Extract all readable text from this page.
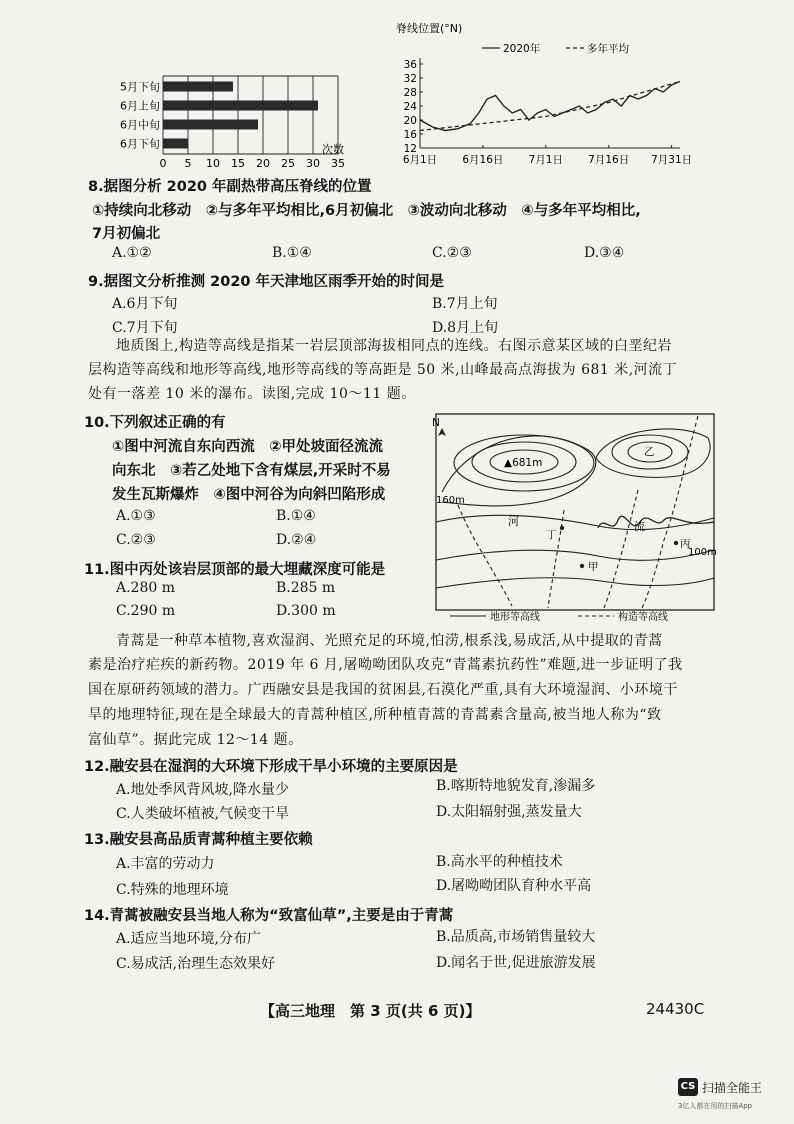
0 5 10 15 20 25 30 35
5月下旬
6月上旬
6月中旬
6月下旬	次数
脊线位置(°N)
2020年	多年平均
36
32
28
24
20
16
12
6月1日 6月16日 7月1日 7月16日 7月31日
8.据图分析 2020 年副热带高压脊线的位置
①持续向北移动　②与多年平均相比,6月初偏北　③波动向北移动　④与多年平均相比,
7月初偏北
A.①②	B.①④	C.②③	D.③④
9.据图文分析推测 2020 年天津地区雨季开始的时间是
A.6月下旬	B.7月上旬
C.7月下旬	D.8月上旬
地质图上,构造等高线是指某一岩层顶部海拔相同点的连线。右图示意某区域的白垩纪岩
层构造等高线和地形等高线,地形等高线的等高距是 50 米,山峰最高点海拔为 681 米,河流丁
处有一落差 10 米的瀑布。读图,完成 10～11 题。
10.下列叙述正确的有
①图中河流自东向西流　②甲处坡面径流流
向东北　③若乙处地下含有煤层,开采时不易
发生瓦斯爆炸　④图中河谷为向斜凹陷形成
A.①③	B.①④
C.②③	D.②④
11.图中丙处该岩层顶部的最大埋藏深度可能是
A.280 m	B.285 m
C.290 m	D.300 m
N
▲681m
乙
160m
100m
河	流
丁
丙
甲
地形等高线	构造等高线
青蒿是一种草本植物,喜欢湿润、光照充足的环境,怕涝,根系浅,易成活,从中提取的青蒿
素是治疗疟疾的新药物。2019 年 6 月,屠呦呦团队攻克“青蒿素抗药性”难题,进一步证明了我
国在原研药领域的潜力。广西融安县是我国的贫困县,石漠化严重,具有大环境湿润、小环境干
旱的地理特征,现在是全球最大的青蒿种植区,所种植青蒿的青蒿素含量高,被当地人称为“致
富仙草”。据此完成 12～14 题。
12.融安县在湿润的大环境下形成干旱小环境的主要原因是
A.地处季风背风坡,降水量少	B.喀斯特地貌发育,渗漏多
C.人类破坏植被,气候变干旱	D.太阳辐射强,蒸发量大
13.融安县高品质青蒿种植主要依赖
A.丰富的劳动力	B.高水平的种植技术
C.特殊的地理环境	D.屠呦呦团队育种水平高
14.青蒿被融安县当地人称为“致富仙草”,主要是由于青蒿
A.适应当地环境,分布广	B.品质高,市场销售量较大
C.易成活,治理生态效果好	D.闻名于世,促进旅游发展
【高三地理　第 3 页(共 6 页)】	24430C
CS 扫描全能王
3亿人都在用的扫描App
